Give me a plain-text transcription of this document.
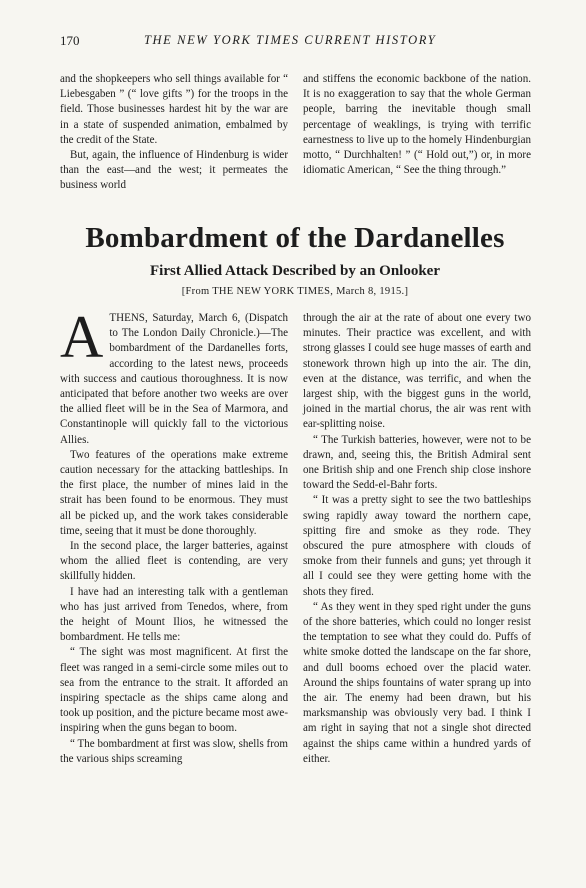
170	THE NEW YORK TIMES CURRENT HISTORY

and the shopkeepers who sell things available for “ Liebesgaben ” (“ love gifts ”) for the troops in the field. Those businesses hardest hit by the war are in a state of suspended animation, embalmed by the credit of the State.

But, again, the influence of Hindenburg is wider than the east—and the west; it permeates the business world

and stiffens the economic backbone of the nation. It is no exaggeration to say that the whole German people, barring the inevitable though small percentage of weaklings, is trying with terrific earnestness to live up to the homely Hindenburgian motto, “ Durchhalten! ” (“ Hold out,”) or, in more idiomatic American, “ See the thing through.”

Bombardment of the Dardanelles
First Allied Attack Described by an Onlooker
[From THE NEW YORK TIMES, March 8, 1915.]

ATHENS, Saturday, March 6, (Dispatch to The London Daily Chronicle.)—The bombardment of the Dardanelles forts, according to the latest news, proceeds with success and cautious thoroughness. It is now anticipated that before another two weeks are over the allied fleet will be in the Sea of Marmora, and Constantinople will quickly fall to the victorious Allies.

Two features of the operations make extreme caution necessary for the attacking battleships. In the first place, the number of mines laid in the strait has been found to be enormous. They must all be picked up, and the work takes considerable time, seeing that it must be done thoroughly.

In the second place, the larger batteries, against whom the allied fleet is contending, are very skillfully hidden.

I have had an interesting talk with a gentleman who has just arrived from Tenedos, where, from the height of Mount Ilios, he witnessed the bombardment. He tells me:

“ The sight was most magnificent. At first the fleet was ranged in a semi-circle some miles out to sea from the entrance to the strait. It afforded an inspiring spectacle as the ships came along and took up position, and the picture became most awe-inspiring when the guns began to boom.

“ The bombardment at first was slow, shells from the various ships screaming

through the air at the rate of about one every two minutes. Their practice was excellent, and with strong glasses I could see huge masses of earth and stonework thrown high up into the air. The din, even at the distance, was terrific, and when the largest ship, with the biggest guns in the world, joined in the martial chorus, the air was rent with ear-splitting noise.

“ The Turkish batteries, however, were not to be drawn, and, seeing this, the British Admiral sent one British ship and one French ship close inshore toward the Sedd-el-Bahr forts.

“ It was a pretty sight to see the two battleships swing rapidly away toward the northern cape, spitting fire and smoke as they rode. They obscured the pure atmosphere with clouds of smoke from their funnels and guns; yet through it all I could see they were getting home with the shots they fired.

“ As they went in they sped right under the guns of the shore batteries, which could no longer resist the temptation to see what they could do. Puffs of white smoke dotted the landscape on the far shore, and dull booms echoed over the placid water. Around the ships fountains of water sprang up into the air. The enemy had been drawn, but his marksmanship was obviously very bad. I think I am right in saying that not a single shot directed against the ships came within a hundred yards of either.
